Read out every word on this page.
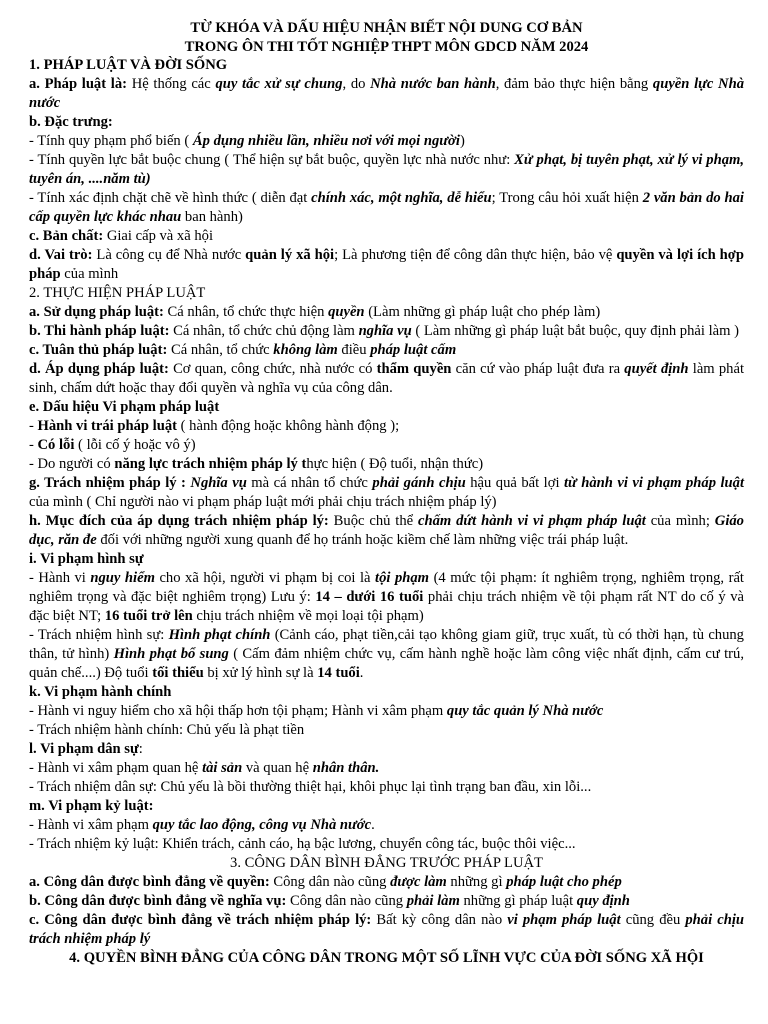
TỪ KHÓA VÀ DẤU HIỆU NHẬN BIẾT NỘI DUNG CƠ BẢN

TRONG ÔN THI TỐT NGHIỆP THPT MÔN GDCD NĂM 2024

1. PHÁP LUẬT VÀ ĐỜI SỐNG

a. Pháp luật là: Hệ thống các quy tắc xử sự chung, do Nhà nước ban hành, đảm bảo thực hiện bằng quyền lực Nhà nước

b. Đặc trưng:

- Tính quy phạm phổ biến ( Áp dụng nhiều lần, nhiều nơi với mọi người)

- Tính quyền lực bắt buộc chung ( Thể hiện sự bắt buộc, quyền lực nhà nước như: Xử phạt, bị tuyên phạt, xử lý vi phạm, tuyên án, ....năm tù)

- Tính xác định chặt chẽ về hình thức ( diễn đạt chính xác, một nghĩa, dễ hiểu; Trong câu hỏi xuất hiện 2 văn bản do hai cấp quyền lực khác nhau ban hành)

c. Bản chất: Giai cấp và xã hội

d. Vai trò: Là công cụ để Nhà nước quản lý xã hội; Là phương tiện để công dân thực hiện, bảo vệ quyền và lợi ích hợp pháp của mình

2. THỰC HIỆN PHÁP LUẬT

a. Sử dụng pháp luật: Cá nhân, tổ chức thực hiện quyền (Làm những gì pháp luật cho phép làm)

b. Thi hành pháp luật: Cá nhân, tổ chức chủ động làm nghĩa vụ ( Làm những gì pháp luật bắt buộc, quy định phải làm )

c. Tuân thủ pháp luật: Cá nhân, tổ chức không làm điều pháp luật cấm

d. Áp dụng pháp luật: Cơ quan, công chức, nhà nước có thẩm quyền căn cứ vào pháp luật đưa ra quyết định làm phát sinh, chấm dứt hoặc thay đổi quyền và nghĩa vụ của công dân.

e. Dấu hiệu Vi phạm pháp luật

- Hành vi trái pháp luật ( hành động hoặc không hành động );

- Có lỗi ( lỗi cố ý hoặc vô ý)

- Do người có năng lực trách nhiệm pháp lý thực hiện ( Độ tuổi, nhận thức)

g. Trách nhiệm pháp lý : Nghĩa vụ mà cá nhân tổ chức phải gánh chịu hậu quả bất lợi từ hành vi vi phạm pháp luật của mình ( Chỉ người nào vi phạm pháp luật mới phải chịu trách nhiệm pháp lý)

h. Mục đích của áp dụng trách nhiệm pháp lý: Buộc chủ thể chấm dứt hành vi vi phạm pháp luật của mình; Giáo dục, răn đe đối với những người xung quanh để họ tránh hoặc kiềm chế làm những việc trái pháp luật.

i. Vi phạm hình sự

- Hành vi nguy hiểm cho xã hội, người vi phạm bị coi là tội phạm (4 mức tội phạm: ít nghiêm trọng, nghiêm trọng, rất nghiêm trọng và đặc biệt nghiêm trọng) Lưu ý: 14 – dưới 16 tuổi phải chịu trách nhiệm về tội phạm rất NT do cố ý và đặc biệt NT; 16 tuổi trở lên chịu trách nhiệm về mọi loại tội phạm)

- Trách nhiệm hình sự: Hình phạt chính (Cảnh cáo, phạt tiền,cải tạo không giam giữ, trục xuất, tù có thời hạn, tù chung thân, tử hình) Hình phạt bổ sung ( Cấm đảm nhiệm chức vụ, cấm hành nghề hoặc làm công việc nhất định, cấm cư trú, quản chế....) Độ tuổi tối thiểu bị xử lý hình sự là 14 tuổi.

k. Vi phạm hành chính

- Hành vi nguy hiểm cho xã hội thấp hơn tội phạm; Hành vi xâm phạm quy tắc quản lý Nhà nước

- Trách nhiệm hành chính: Chủ yếu là phạt tiền

l. Vi phạm dân sự:

- Hành vi xâm phạm quan hệ tài sản và quan hệ nhân thân.

- Trách nhiệm dân sự: Chủ yếu là bồi thường thiệt hại, khôi phục lại tình trạng ban đầu, xin lỗi...

m. Vi phạm kỷ luật:

- Hành vi xâm phạm quy tắc lao động, công vụ Nhà nước.

- Trách nhiệm kỷ luật: Khiển trách, cảnh cáo, hạ bậc lương, chuyển công tác, buộc thôi việc...

3. CÔNG DÂN BÌNH ĐẲNG TRƯỚC PHÁP LUẬT

a. Công dân được bình đẳng về quyền: Công dân nào cũng được làm những gì pháp luật cho phép

b. Công dân được bình đẳng về nghĩa vụ: Công dân nào cũng phải làm những gì pháp luật quy định

c. Công dân được bình đẳng về trách nhiệm pháp lý: Bất kỳ công dân nào vi phạm pháp luật cũng đều phải chịu trách nhiệm pháp lý

4. QUYỀN BÌNH ĐẲNG CỦA CÔNG DÂN TRONG MỘT SỐ LĨNH VỰC CỦA ĐỜI SỐNG XÃ HỘI
